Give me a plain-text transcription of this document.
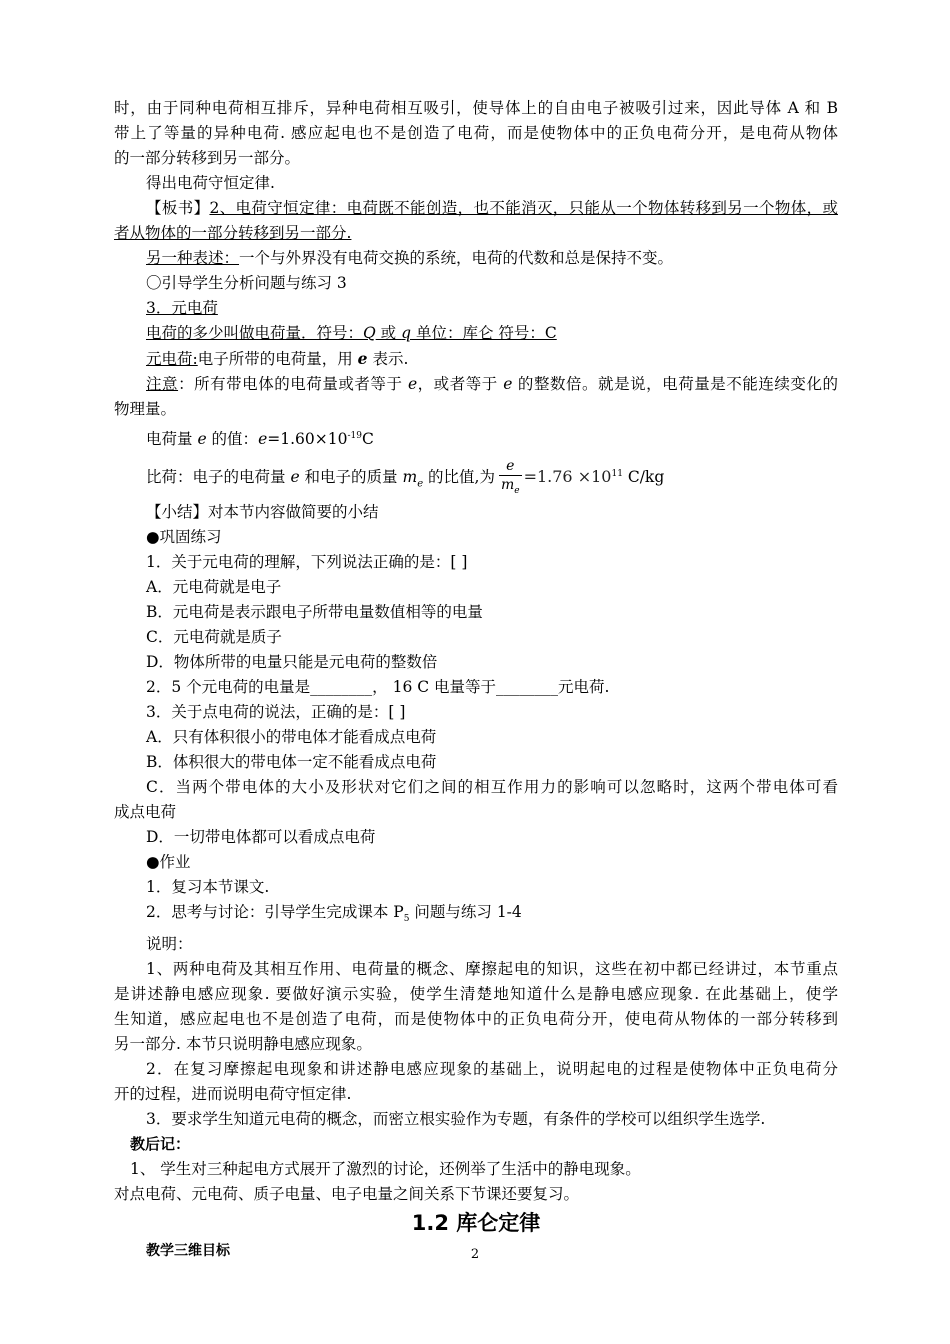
时，由于同种电荷相互排斥，异种电荷相互吸引，使导体上的自由电子被吸引过来，因此导体 A 和 B

带上了等量的异种电荷. 感应起电也不是创造了电荷，而是使物体中的正负电荷分开，是电荷从物体

的一部分转移到另一部分。

得出电荷守恒定律.

【板书】2、电荷守恒定律：电荷既不能创造，也不能消灭，只能从一个物体转移到另一个物体，或

者从物体的一部分转移到另一部分.

另一种表述：一个与外界没有电荷交换的系统，电荷的代数和总是保持不变。

〇引导学生分析问题与练习 3

3．元电荷

电荷的多少叫做电荷量．符号：Q 或 q 单位：库仑 符号：C

元电荷:电子所带的电荷量，用 e 表示.

注意：所有带电体的电荷量或者等于 e，或者等于 e 的整数倍。就是说，电荷量是不能连续变化的

物理量。

电荷量 e 的值：$e=1.60\times 10^{-19}C$

比荷：电子的电荷量 e 和电子的质量 $m_e$ 的比值,为 $\frac{e}{m_e} =1.76 \times 10^{11}$ C/kg

【小结】对本节内容做简要的小结

●巩固练习

1．关于元电荷的理解，下列说法正确的是：[ ]

A．元电荷就是电子

B．元电荷是表示跟电子所带电量数值相等的电量

C．元电荷就是质子

D．物体所带的电量只能是元电荷的整数倍

2．5 个元电荷的电量是________， 16 C 电量等于________元电荷.

3．关于点电荷的说法，正确的是：[ ]

A．只有体积很小的带电体才能看成点电荷

B．体积很大的带电体一定不能看成点电荷

C．当两个带电体的大小及形状对它们之间的相互作用力的影响可以忽略时，这两个带电体可看

成点电荷

D．一切带电体都可以看成点电荷

●作业

1．复习本节课文.

2．思考与讨论：引导学生完成课本 $P_5$ 问题与练习 1-4

说明：

1、两种电荷及其相互作用、电荷量的概念、摩擦起电的知识，这些在初中都已经讲过，本节重点

是讲述静电感应现象. 要做好演示实验，使学生清楚地知道什么是静电感应现象. 在此基础上，使学

生知道，感应起电也不是创造了电荷，而是使物体中的正负电荷分开，使电荷从物体的一部分转移到

另一部分. 本节只说明静电感应现象。

2．在复习摩擦起电现象和讲述静电感应现象的基础上，说明起电的过程是使物体中正负电荷分

开的过程，进而说明电荷守恒定律.

3．要求学生知道元电荷的概念，而密立根实验作为专题，有条件的学校可以组织学生选学.

教后记：

1、 学生对三种起电方式展开了激烈的讨论，还例举了生活中的静电现象。

对点电荷、元电荷、质子电量、电子电量之间关系下节课还要复习。

1.2 库仑定律

教学三维目标	2
